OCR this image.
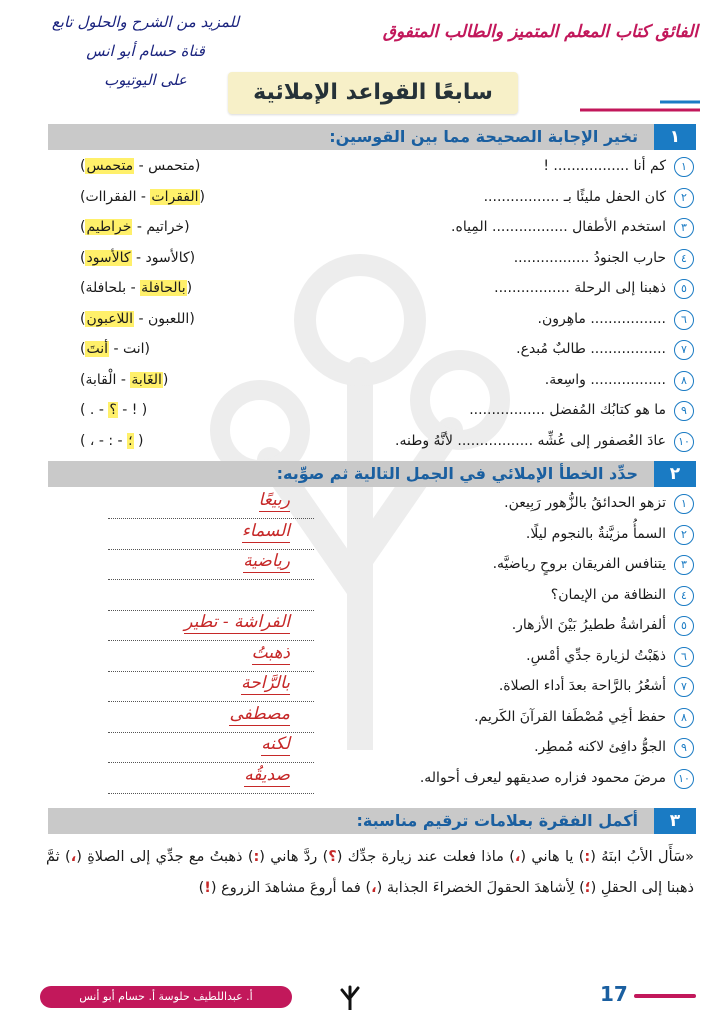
الفائق كتاب المعلم المتميز والطالب المتفوق
للمزيد من الشرح والحلول تابع
قناة حسام أبو انس
على اليوتيوب	سابعًا القواعد الإملائية
١
تخير الإجابة الصحيحة مما بين القوسين:
١
كم أنا ................. !
(متحمس - متحمس)
٢
كان الحفل مليئًا بـ .................
(الفقرات - الفقراات)
٣
استخدم الأطفال ................. المِياه.
(خراتيم - خراطيم)
٤
حارب الجنودُ .................
(كالأسود - كالأسود)
٥
ذهبنا إلى الرحلة .................
(بالحافلة - بلحافلة)
٦
................. ماهِرون.
(اللعبون - اللاعبون)
٧
................. طالبٌ مُبدع.
(انت - أنتَ)
٨
................. واسِعة.
(الغَابة - الْقابة)
٩
ما هو كتابُك المُفضل .................
( ! - ؟ - . )
١٠
عادَ العُصفور إلى عُشِّه ................. لأنَّهُ وطنه.
( ؛ - : - ، )
٢
حدِّد الخطأ الإملائي في الجمل التالية ثم صوِّبه:
١
تزهو الحدائقُ بالزُّهور رَبِيعن.
ربيعًا
٢
السمأُ مزيَّنةٌ بالنجوم ليلًا.
السماء
٣
يتنافس الفريقان بروحٍ رياضيَّه.
رياضية
٤
النظافة من الإيمان؟
٥
ألفراشةُ ططيرُ بَيْنَ الأزهار.
الفراشة - تطير
٦
ذهَبْتُ لزيارة جدِّي أمْسِ.
ذهبتُ
٧
أشعُرُ بالرَّاحة بعدَ أداء الصلاة.
بالرَّاحة
٨
حفظ أخِي مُصْطَفا القرآنَ الكَريم.
مصطفى
٩
الجوُّ دافِئ لاكنه مُمطِر.
لكنه
١٠
مرضَ محمود فزاره صديقهو ليعرف أحواله.
صديقُه
٣
أكمل الفقرة بعلامات ترقيم مناسبة:
«سَأَل الأبُ ابنَهُ (:) يا هاني (،) ماذا فعلت عند زيارة جدِّك (؟) ردَّ هاني (:) ذهبتُ مع جدِّي إلى الصلاةِ (،) ثمَّ ذهبنا إلى الحقلِ (؛) لِأشاهدَ الحقولَ الخضراءَ الجذابة (،) فما أروعَ مشاهدَ الزروع (!)
أ. عبداللطيف حلوسة أ. حسام أبو أنس	17
